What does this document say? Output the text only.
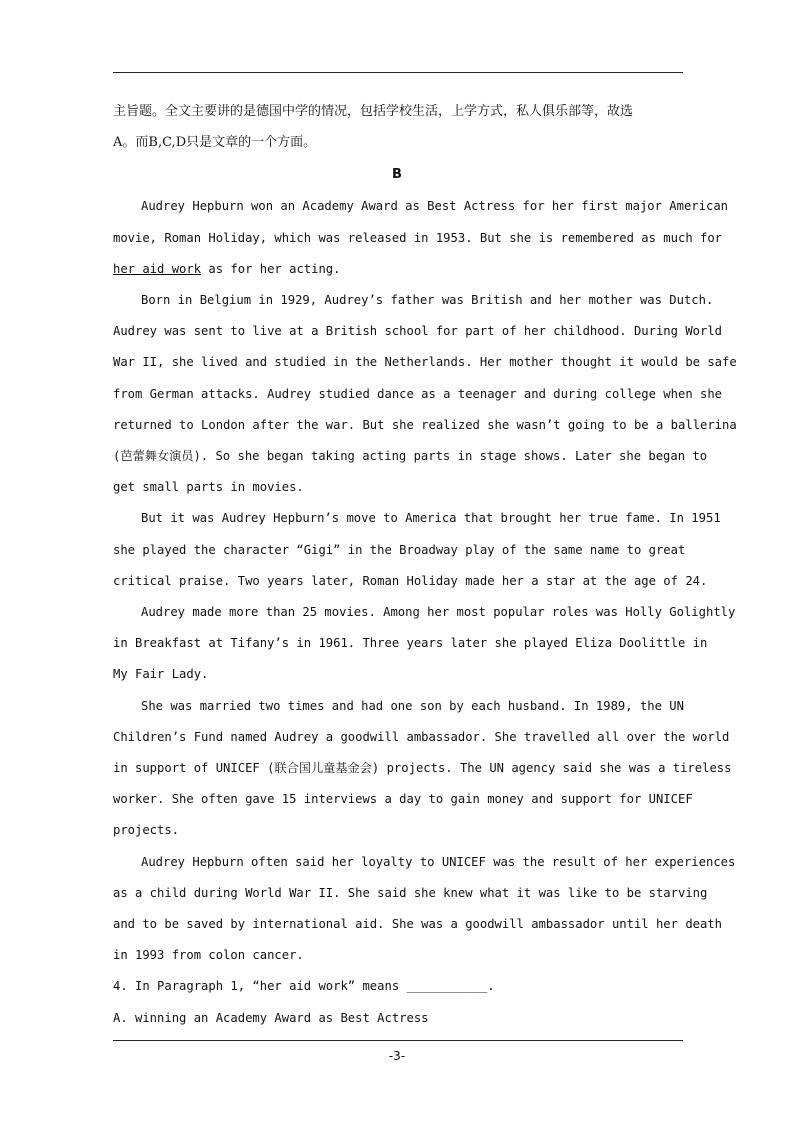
主旨题。全文主要讲的是德国中学的情况，包括学校生活，上学方式，私人俱乐部等，故选
A。而B,C,D只是文章的一个方面。
B
Audrey Hepburn won an Academy Award as Best Actress for her first major American
movie, Roman Holiday, which was released in 1953. But she is remembered as much for
her aid work as for her acting.
Born in Belgium in 1929, Audrey’s father was British and her mother was Dutch.
Audrey was sent to live at a British school for part of her childhood. During World
War II, she lived and studied in the Netherlands. Her mother thought it would be safe
from German attacks. Audrey studied dance as a teenager and during college when she
returned to London after the war. But she realized she wasn’t going to be a ballerina
(芭蕾舞女演员). So she began taking acting parts in stage shows. Later she began to
get small parts in movies.
But it was Audrey Hepburn’s move to America that brought her true fame. In 1951
she played the character “Gigi” in the Broadway play of the same name to great
critical praise. Two years later, Roman Holiday made her a star at the age of 24.
Audrey made more than 25 movies. Among her most popular roles was Holly Golightly
in Breakfast at Tifany’s in 1961. Three years later she played Eliza Doolittle in
My Fair Lady.
She was married two times and had one son by each husband. In 1989, the UN
Children’s Fund named Audrey a goodwill ambassador. She travelled all over the world
in support of UNICEF (联合国儿童基金会) projects. The UN agency said she was a tireless
worker. She often gave 15 interviews a day to gain money and support for UNICEF
projects.
Audrey Hepburn often said her loyalty to UNICEF was the result of her experiences
as a child during World War II. She said she knew what it was like to be starving
and to be saved by international aid. She was a goodwill ambassador until her death
in 1993 from colon cancer.
4. In Paragraph 1, “her aid work” means ___________.
A. winning an Academy Award as Best Actress
-3-
